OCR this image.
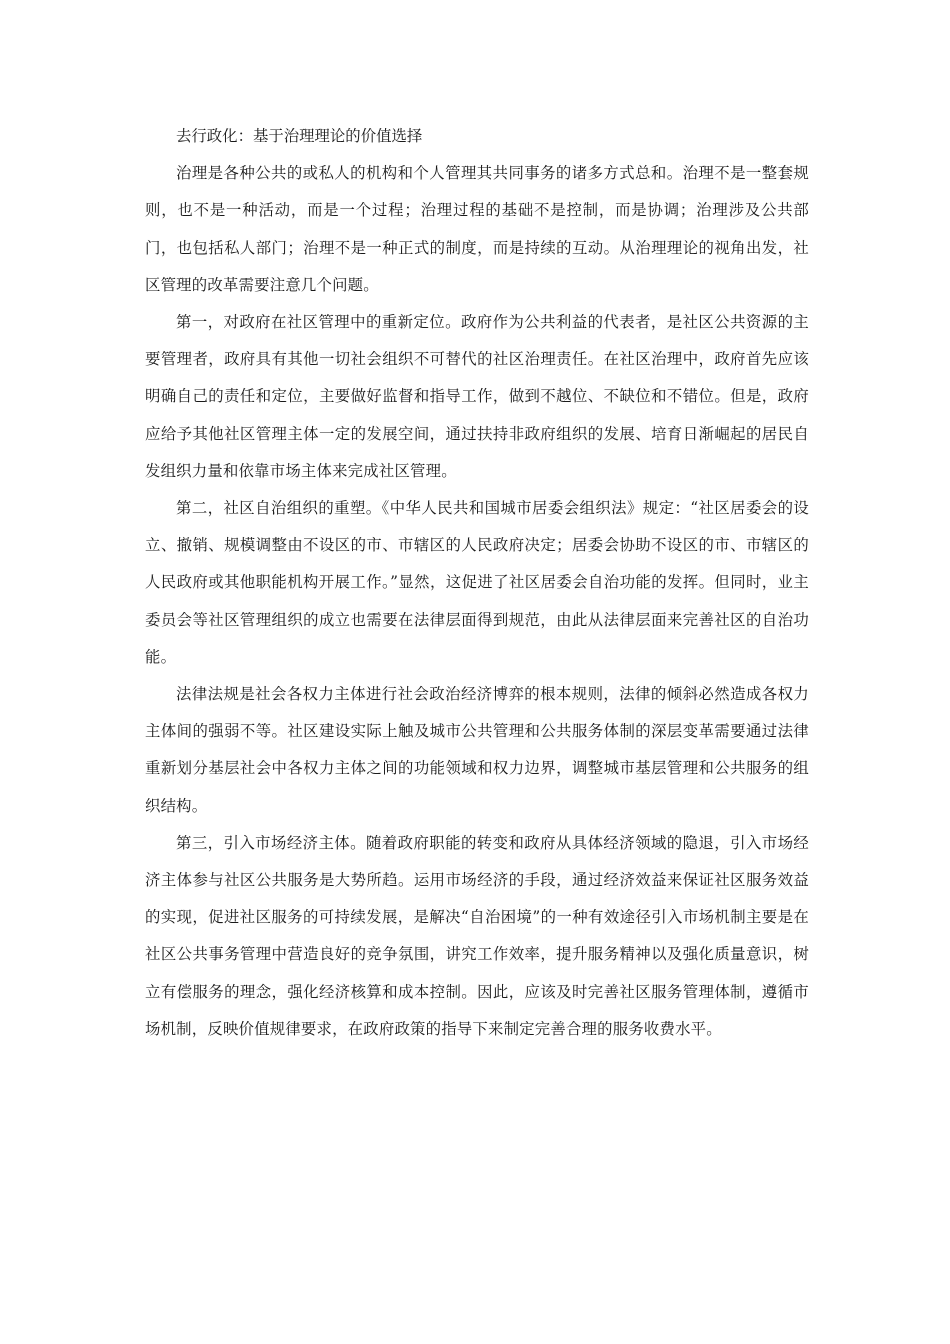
去行政化：基于治理理论的价值选择

治理是各种公共的或私人的机构和个人管理其共同事务的诸多方式总和。治理不是一整套规则，也不是一种活动，而是一个过程；治理过程的基础不是控制，而是协调；治理涉及公共部门，也包括私人部门；治理不是一种正式的制度，而是持续的互动。从治理理论的视角出发，社区管理的改革需要注意几个问题。

第一，对政府在社区管理中的重新定位。政府作为公共利益的代表者，是社区公共资源的主要管理者，政府具有其他一切社会组织不可替代的社区治理责任。在社区治理中，政府首先应该明确自己的责任和定位，主要做好监督和指导工作，做到不越位、不缺位和不错位。但是，政府应给予其他社区管理主体一定的发展空间，通过扶持非政府组织的发展、培育日渐崛起的居民自发组织力量和依靠市场主体来完成社区管理。

第二，社区自治组织的重塑。《中华人民共和国城市居委会组织法》规定：“社区居委会的设立、撤销、规模调整由不设区的市、市辖区的人民政府决定；居委会协助不设区的市、市辖区的人民政府或其他职能机构开展工作。”显然，这促进了社区居委会自治功能的发挥。但同时，业主委员会等社区管理组织的成立也需要在法律层面得到规范，由此从法律层面来完善社区的自治功能。

法律法规是社会各权力主体进行社会政治经济博弈的根本规则，法律的倾斜必然造成各权力主体间的强弱不等。社区建设实际上触及城市公共管理和公共服务体制的深层变革需要通过法律重新划分基层社会中各权力主体之间的功能领域和权力边界，调整城市基层管理和公共服务的组织结构。

第三，引入市场经济主体。随着政府职能的转变和政府从具体经济领域的隐退，引入市场经济主体参与社区公共服务是大势所趋。运用市场经济的手段，通过经济效益来保证社区服务效益的实现，促进社区服务的可持续发展，是解决“自治困境”的一种有效途径引入市场机制主要是在社区公共事务管理中营造良好的竞争氛围，讲究工作效率，提升服务精神以及强化质量意识，树立有偿服务的理念，强化经济核算和成本控制。因此，应该及时完善社区服务管理体制，遵循市场机制，反映价值规律要求，在政府政策的指导下来制定完善合理的服务收费水平。
